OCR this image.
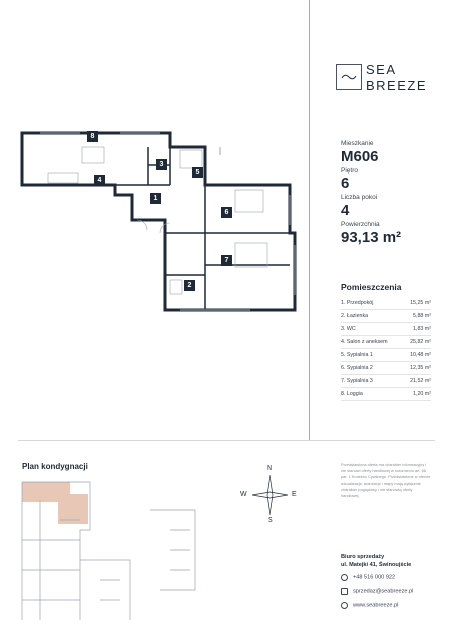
SEA
BREEZE
Mieszkanie
M606
Piętro
6
Liczba pokoi
4
Powierzchnia
93,13 m²
Pomieszczenia
1. Przedpokój	15,25 m²
2. Łazienka	5,88 m²
3. WC	1,83 m²
4. Salon z aneksem	25,82 m²
5. Sypialnia 1	10,48 m²
6. Sypialnia 2	12,35 m²
7. Sypialnia 3	21,52 m²
8. Loggia	1,20 m²
8
4
1
3
5
6
7
2
Plan kondygnacji	N
S
E
W
Przedstawiona oferta ma charakter informacyjny i nie stanowi oferty handlowej w rozumieniu art. 66 par. 1 Kodeksu Cywilnego. Przedstawione w ofercie wizualizacje, aranżacje i mapy mają wyłącznie charakter poglądowy i nie stanowią oferty handlowej.
Biuro sprzedaży
ul. Matejki 41, Świnoujście
+48 516 000 922
sprzedaz@seabreeze.pl
www.seabreeze.pl
